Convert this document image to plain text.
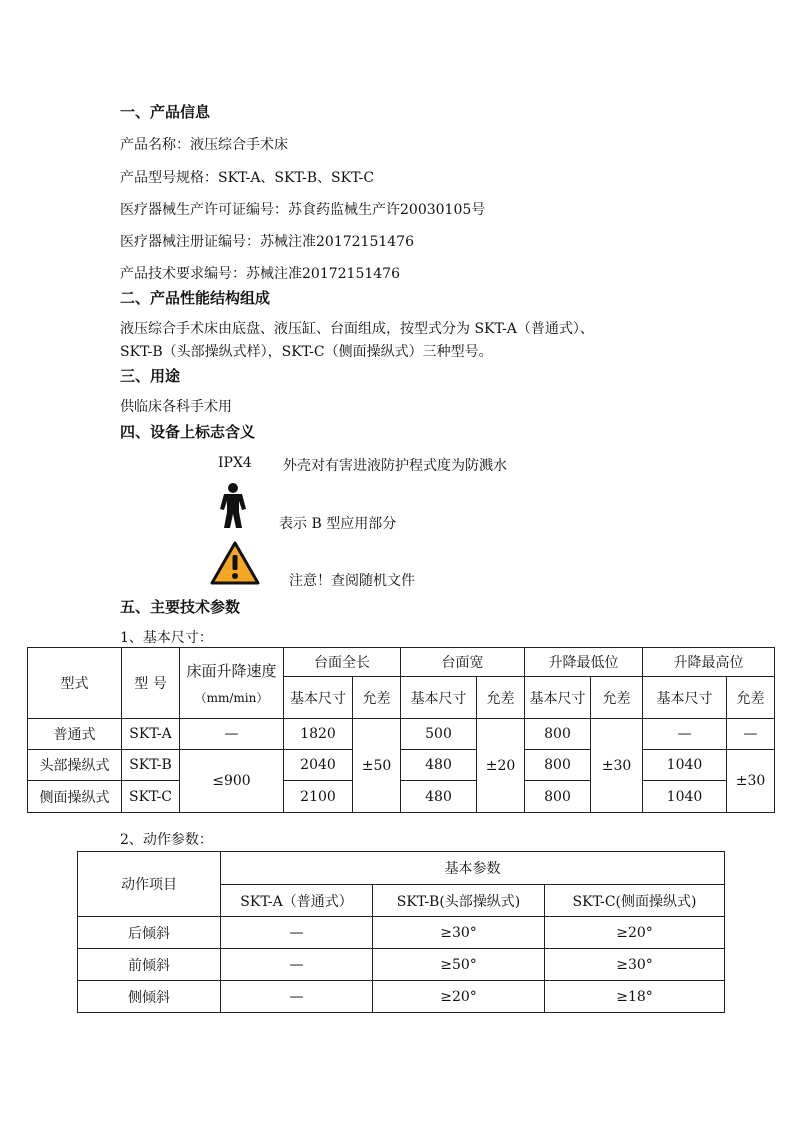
一、产品信息
产品名称：液压综合手术床
产品型号规格：SKT-A、SKT-B、SKT-C
医疗器械生产许可证编号：苏食药监械生产许20030105号
医疗器械注册证编号：苏械注准20172151476
产品技术要求编号：苏械注准20172151476
二、产品性能结构组成
液压综合手术床由底盘、液压缸、台面组成，按型式分为 SKT-A（普通式）、
SKT-B（头部操纵式样），SKT-C（侧面操纵式）三种型号。
三、用途
供临床各科手术用
四、设备上标志含义
IPX4 外壳对有害进液防护程式度为防溅水
表示 B 型应用部分
注意！查阅随机文件
五、主要技术参数
1、基本尺寸：
型式	型 号	床面升降速度
（mm/min）	台面全长		台面宽		升降最低位		升降最高位	
			基本尺寸	允差	基本尺寸	允差	基本尺寸	允差	基本尺寸	允差
普通式	SKT-A	—	1820	±50	500	±20	800	±30	—	—
头部操纵式	SKT-B	≤900	2040		480		800		1040	±30
侧面操纵式	SKT-C		2100		480		800		1040	
2、动作参数：
动作项目	基本参数		
	SKT-A（普通式）	SKT-B(头部操纵式)	SKT-C(侧面操纵式)
后倾斜	—	≥30°	≥20°
前倾斜	—	≥50°	≥30°
侧倾斜	—	≥20°	≥18°
